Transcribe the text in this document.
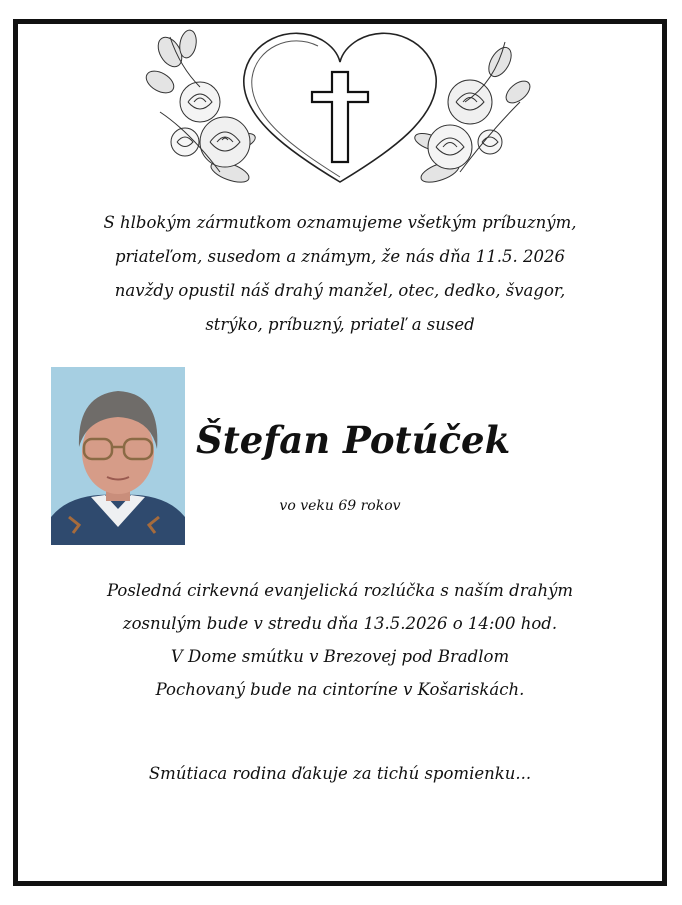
S hlbokým zármutkom oznamujeme všetkým príbuzným,
priateľom, susedom a známym, že nás dňa 11.5. 2026
navždy opustil náš drahý manžel, otec, dedko, švagor,
strýko, príbuzný, priateľ a sused
Štefan Potúček
vo veku 69 rokov
Posledná cirkevná evanjelická rozlúčka s naším drahým
zosnulým bude v stredu dňa 13.5.2026 o 14:00 hod.
V Dome smútku v Brezovej pod Bradlom
Pochovaný bude na cintoríne v Košariskách.
Smútiaca rodina ďakuje za tichú spomienku...
